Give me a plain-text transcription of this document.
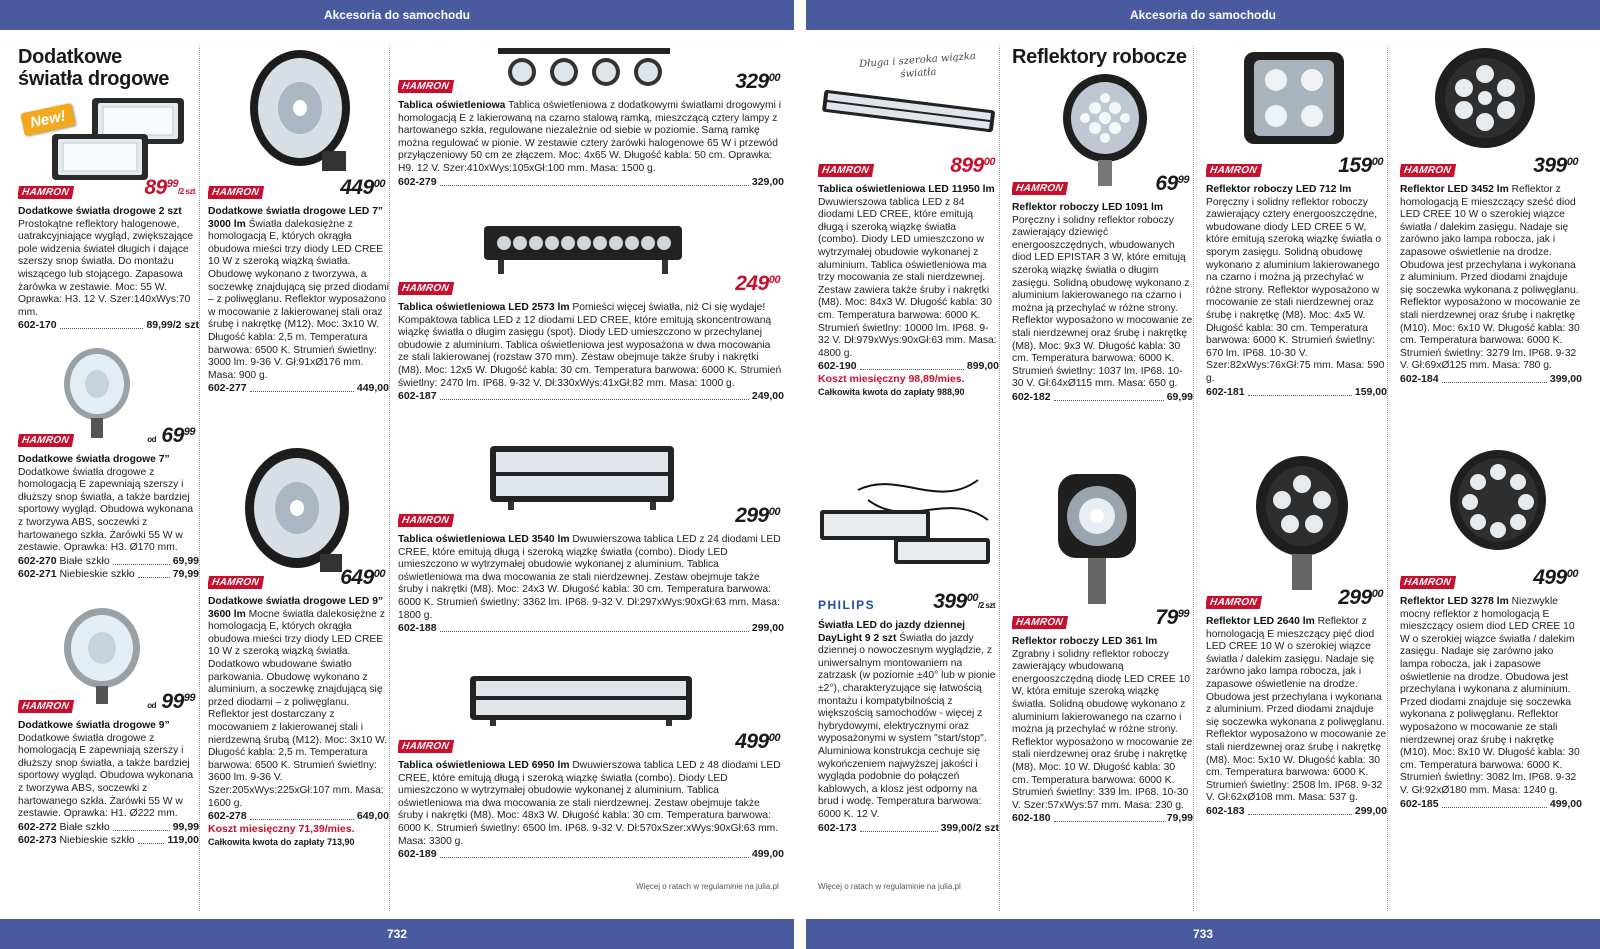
Akcesoria do samochodu	Akcesoria do samochodu
Dodatkowe
światła drogowe
New!
HAMRON	$89^{99}/2$ szt
Dodatkowe światła drogowe 2 szt Prostokątne reflektory halogenowe, uatrakcyjniające wygląd, zwiększające pole widzenia świateł długich i dające szerszy snop światła. Do montażu wiszącego lub stojącego. Zapasowa żarówka w zestawie. Moc: 55 W. Oprawka: H3. 12 V. Szer:140xWys:70 mm.
602-170	89,99/2 szt
HAMRON	od $69^{99}$
Dodatkowe światła drogowe 7” Dodatkowe światła drogowe z homologacją E zapewniają szerszy i dłuższy snop światła, a także bardziej sportowy wygląd. Obudowa wykonana z tworzywa ABS, soczewki z hartowanego szkła. Żarówki 55 W w zestawie. Oprawka: H3. Ø170 mm.
602-270 Białe szkło	69,99
602-271 Niebieskie szkło	79,99
HAMRON	od $99^{99}$
Dodatkowe światła drogowe 9” Dodatkowe światła drogowe z homologacją E zapewniają szerszy i dłuższy snop światła, a także bardziej sportowy wygląd. Obudowa wykonana z tworzywa ABS, soczewki z hartowanego szkła. Żarówki 55 W w zestawie. Oprawka: H1. Ø222 mm.
602-272 Białe szkło	99,99
602-273 Niebieskie szkło	119,00
HAMRON	$449^{00}$
Dodatkowe światła drogowe LED 7” 3000 lm Światła dalekosiężne z homologacją E, których okrągła obudowa mieści trzy diody LED CREE 10 W z szeroką wiązką światła. Obudowę wykonano z tworzywa, a soczewkę znajdującą się przed diodami – z poliwęglanu. Reflektor wyposażono w mocowanie z lakierowanej stali oraz śrubę i nakrętkę (M12). Moc: 3x10 W. Długość kabla: 2,5 m. Temperatura barwowa: 6500 K. Strumień świetlny: 3000 lm. 9-36 V. Gł:91xØ176 mm. Masa: 900 g.
602-277	449,00
HAMRON	$649^{00}$
Dodatkowe światła drogowe LED 9” 3600 lm Mocne światła dalekosiężne z homologacją E, których okrągła obudowa mieści trzy diody LED CREE 10 W z szeroką wiązką światła. Dodatkowo wbudowane światło parkowania. Obudowę wykonano z aluminium, a soczewkę znajdującą się przed diodami – z poliwęglanu. Reflektor jest dostarczany z mocowaniem z lakierowanej stali i nierdzewną śrubą (M12). Moc: 3x10 W. Długość kabla: 2,5 m. Temperatura barwowa: 6500 K. Strumień świetlny: 3600 lm. 9-36 V. Szer:205xWys:225xGł:107 mm. Masa: 1600 g.
602-278	649,00
Koszt miesięczny 71,39/mies.
Całkowita kwota do zapłaty 713,90
HAMRON	$329^{00}$
Tablica oświetleniowa Tablica oświetleniowa z dodatkowymi światłami drogowymi i homologacją E z lakierowaną na czarno stalową ramką, mieszczącą cztery lampy z hartowanego szkła, regulowane niezależnie od siebie w poziomie. Samą ramkę można regulować w pionie. W zestawie cztery żarówki halogenowe 65 W i przewód przyłączeniowy 50 cm ze złączem. Moc: 4x65 W. Długość kabla: 50 cm. Oprawka: H9. 12 V. Szer:410xWys:105xGł:100 mm. Masa: 1500 g.
602-279	329,00
HAMRON	$249^{00}$
Tablica oświetleniowa LED 2573 lm Pomieści więcej światła, niż Ci się wydaje! Kompaktowa tablica LED z 12 diodami LED CREE, które emitują skoncentrowaną wiązkę światła o długim zasięgu (spot). Diody LED umieszczono w przechylanej obudowie z aluminium. Tablica oświetleniowa jest wyposażona w dwa mocowania ze stali lakierowanej (rozstaw 370 mm). Zestaw obejmuje także śruby i nakrętki (M8). Moc: 12x5 W. Długość kabla: 30 cm. Temperatura barwowa: 6000 K. Strumień świetlny: 2470 lm. IP68. 9-32 V. Dł:330xWys:41xGł:82 mm. Masa: 1000 g.
602-187	249,00
HAMRON	$299^{00}$
Tablica oświetleniowa LED 3540 lm Dwuwierszowa tablica LED z 24 diodami LED CREE, które emitują długą i szeroką wiązkę światła (combo). Diody LED umieszczono w wytrzymałej obudowie wykonanej z aluminium. Tablica oświetleniowa ma dwa mocowania ze stali nierdzewnej. Zestaw obejmuje także śruby i nakrętki (M8). Moc: 24x3 W. Długość kabla: 30 cm. Temperatura barwowa: 6000 K. Strumień świetlny: 3362 lm. IP68. 9-32 V. Dł:297xWys:90xGł:63 mm. Masa: 1800 g.
602-188	299,00
HAMRON	$499^{00}$
Tablica oświetleniowa LED 6950 lm Dwuwierszowa tablica LED z 48 diodami LED CREE, które emitują długą i szeroką wiązkę światła (combo). Diody LED umieszczono w wytrzymałej obudowie wykonanej z aluminium. Tablica oświetleniowa ma dwa mocowania ze stali nierdzewnej. Zestaw obejmuje także śruby i nakrętki (M8). Moc: 48x3 W. Długość kabla: 30 cm. Temperatura barwowa: 6000 K. Strumień świetlny: 6500 lm. IP68. 9-32 V. Dł:570xSzer:xWys:90xGł:63 mm. Masa: 3300 g.
602-189	499,00
Więcej o ratach w regulaminie na julia.pl
Długa i szeroka wiązka światła
HAMRON	$899^{00}$
Tablica oświetleniowa LED 11950 lm Dwuwierszowa tablica LED z 84 diodami LED CREE, które emitują długą i szeroką wiązkę światła (combo). Diody LED umieszczono w wytrzymałej obudowie wykonanej z aluminium. Tablica oświetleniowa ma trzy mocowania ze stali nierdzewnej. Zestaw zawiera także śruby i nakrętki (M8). Moc: 84x3 W. Długość kabla: 30 cm. Temperatura barwowa: 6000 K. Strumień świetlny: 10000 lm. IP68. 9-32 V. Dł:979xWys:90xGł:63 mm. Masa: 4800 g.
602-190	899,00
Koszt miesięczny 98,89/mies.
Całkowita kwota do zapłaty 988,90
PHILIPS	$399^{00}/2$ szt
Światła LED do jazdy dziennej DayLight 9 2 szt Światła do jazdy dziennej o nowoczesnym wyglądzie, z uniwersalnym montowaniem na zatrzask (w poziomie ±40° lub w pionie ±2°), charakteryzujące się łatwością montażu i kompatybilnością z większością samochodów - więcej z hybrydowymi, elektrycznymi oraz wyposażonymi w system "start/stop". Aluminiowa konstrukcja cechuje się wykończeniem najwyższej jakości i wygląda podobnie do połączeń kablowych, a klosz jest odporny na brud i wodę. Temperatura barwowa: 6000 K. 12 V.
602-173	399,00/2 szt
Reflektory robocze
HAMRON	$69^{99}$
Reflektor roboczy LED 1091 lm Poręczny i solidny reflektor roboczy zawierający dziewięć energooszczędnych, wbudowanych diod LED EPISTAR 3 W, które emitują szeroką wiązkę światła o długim zasięgu. Solidną obudowę wykonano z aluminium lakierowanego na czarno i można ją przechylać w różne strony. Reflektor wyposażono w mocowanie ze stali nierdzewnej oraz śrubę i nakrętkę (M8). Moc: 9x3 W. Długość kabla: 30 cm. Temperatura barwowa: 6000 K. Strumień świetlny: 1037 lm. IP68. 10-30 V. Gł:64xØ115 mm. Masa: 650 g.
602-182	69,99
HAMRON	$79^{99}$
Reflektor roboczy LED 361 lm Zgrabny i solidny reflektor roboczy zawierający wbudowaną energooszczędną diodę LED CREE 10 W, która emituje szeroką wiązkę światła. Solidną obudowę wykonano z aluminium lakierowanego na czarno i można ją przechylać w różne strony. Reflektor wyposażono w mocowanie ze stali nierdzewnej oraz śrubę i nakrętkę (M8). Moc: 10 W. Długość kabla: 30 cm. Temperatura barwowa: 6000 K. Strumień świetlny: 339 lm. IP68. 10-30 V. Szer:57xWys:57 mm. Masa: 230 g.
602-180	79,99
HAMRON	$159^{00}$
Reflektor roboczy LED 712 lm Poręczny i solidny reflektor roboczy zawierający cztery energooszczędne, wbudowane diody LED CREE 5 W, które emitują szeroką wiązkę światła o sporym zasięgu. Solidną obudowę wykonano z aluminium lakierowanego na czarno i można ją przechylać w różne strony. Reflektor wyposażono w mocowanie ze stali nierdzewnej oraz śrubę i nakrętkę (M8). Moc: 4x5 W. Długość kabla: 30 cm. Temperatura barwowa: 6000 K. Strumień świetlny: 670 lm. IP68. 10-30 V. Szer:82xWys:76xGł:75 mm. Masa: 590 g.
602-181	159,00
HAMRON	$299^{00}$
Reflektor LED 2640 lm Reflektor z homologacją E mieszczący pięć diod LED CREE 10 W o szerokiej wiązce światła / dalekim zasięgu. Nadaje się zarówno jako lampa robocza, jak i zapasowe oświetlenie na drodze. Obudowa jest przechylana i wykonana z aluminium. Przed diodami znajduje się soczewka wykonana z poliwęglanu. Reflektor wyposażono w mocowanie ze stali nierdzewnej oraz śrubę i nakrętkę (M8). Moc: 5x10 W. Długość kabla: 30 cm. Temperatura barwowa: 6000 K. Strumień świetlny: 2508 lm. IP68. 9-32 V. Gł:62xØ108 mm. Masa: 537 g.
602-183	299,00
HAMRON	$399^{00}$
Reflektor LED 3452 lm Reflektor z homologacją E mieszczący sześć diod LED CREE 10 W o szerokiej wiązce światła / dalekim zasięgu. Nadaje się zarówno jako lampa robocza, jak i zapasowe oświetlenie na drodze. Obudowa jest przechylana i wykonana z aluminium. Przed diodami znajduje się soczewka wykonana z poliwęglanu. Reflektor wyposażono w mocowanie ze stali nierdzewnej oraz śrubę i nakrętkę (M10). Moc: 6x10 W. Długość kabla: 30 cm. Temperatura barwowa: 6000 K. Strumień świetlny: 3279 lm. IP68. 9-32 V. Gł:69xØ125 mm. Masa: 780 g.
602-184	399,00
HAMRON	$499^{00}$
Reflektor LED 3278 lm Niezwykle mocny reflektor z homologacją E mieszczący osiem diod LED CREE 10 W o szerokiej wiązce światła / dalekim zasięgu. Nadaje się zarówno jako lampa robocza, jak i zapasowe oświetlenie na drodze. Obudowa jest przechylana i wykonana z aluminium. Przed diodami znajduje się soczewka wykonana z poliwęglanu. Reflektor wyposażono w mocowanie ze stali nierdzewnej oraz śrubę i nakrętkę (M10). Moc: 8x10 W. Długość kabla: 30 cm. Temperatura barwowa: 6000 K. Strumień świetlny: 3082 lm. IP68. 9-32 V. Gł:92xØ180 mm. Masa: 1240 g.
602-185	499,00
Więcej o ratach w regulaminie na julia.pl
732	733
